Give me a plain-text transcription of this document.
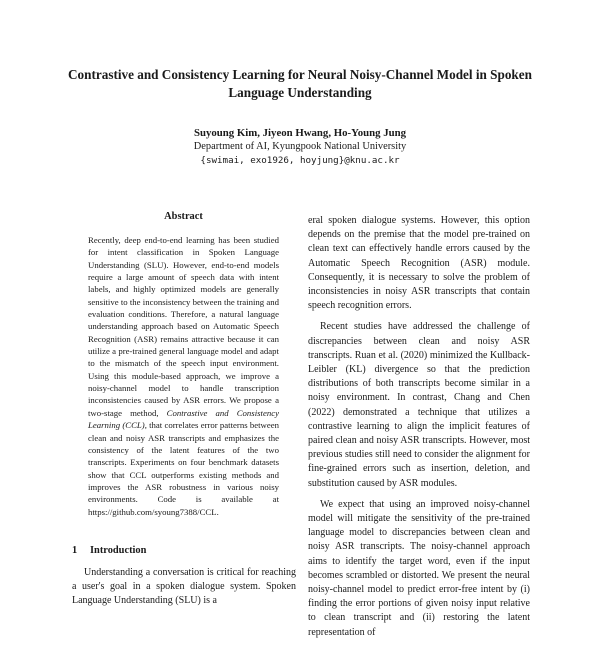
Contrastive and Consistency Learning for Neural Noisy-Channel Model in Spoken Language Understanding
Suyoung Kim, Jiyeon Hwang, Ho-Young Jung
Department of AI, Kyungpook National University
{swimai, exo1926, hoyjung}@knu.ac.kr
Abstract

Recently, deep end-to-end learning has been studied for intent classification in Spoken Language Understanding (SLU). However, end-to-end models require a large amount of speech data with intent labels, and highly optimized models are generally sensitive to the inconsistency between the training and evaluation conditions. Therefore, a natural language understanding approach based on Automatic Speech Recognition (ASR) remains attractive because it can utilize a pre-trained general language model and adapt to the mismatch of the speech input environment. Using this module-based approach, we improve a noisy-channel model to handle transcription inconsistencies caused by ASR errors. We propose a two-stage method, Contrastive and Consistency Learning (CCL), that correlates error patterns between clean and noisy ASR transcripts and emphasizes the consistency of the latent features of the two transcripts. Experiments on four benchmark datasets show that CCL outperforms existing methods and improves the ASR robustness in various noisy environments. Code is available at https://github.com/syoung7388/CCL.

1 Introduction

Understanding a conversation is critical for reaching a user's goal in a spoken dialogue system. Spoken Language Understanding (SLU) is a

eral spoken dialogue systems. However, this option depends on the premise that the model pre-trained on clean text can effectively handle errors caused by the Automatic Speech Recognition (ASR) module. Consequently, it is necessary to solve the problem of inconsistencies in noisy ASR transcripts that contain speech recognition errors.

Recent studies have addressed the challenge of discrepancies between clean and noisy ASR transcripts. Ruan et al. (2020) minimized the Kullback-Leibler (KL) divergence so that the prediction distributions of both transcripts become similar in a noisy environment. In contrast, Chang and Chen (2022) demonstrated a technique that utilizes a contrastive learning to align the implicit features of paired clean and noisy ASR transcripts. However, most previous studies still need to consider the alignment for fine-grained errors such as insertion, deletion, and substitution caused by ASR modules.

We expect that using an improved noisy-channel model will mitigate the sensitivity of the pre-trained language model to discrepancies between clean and noisy ASR transcripts. The noisy-channel approach aims to identify the target word, even if the input becomes scrambled or distorted. We present the neural noisy-channel model to predict error-free intent by (i) finding the error portions of given noisy input relative to clean transcript and (ii) restoring the latent representation of
